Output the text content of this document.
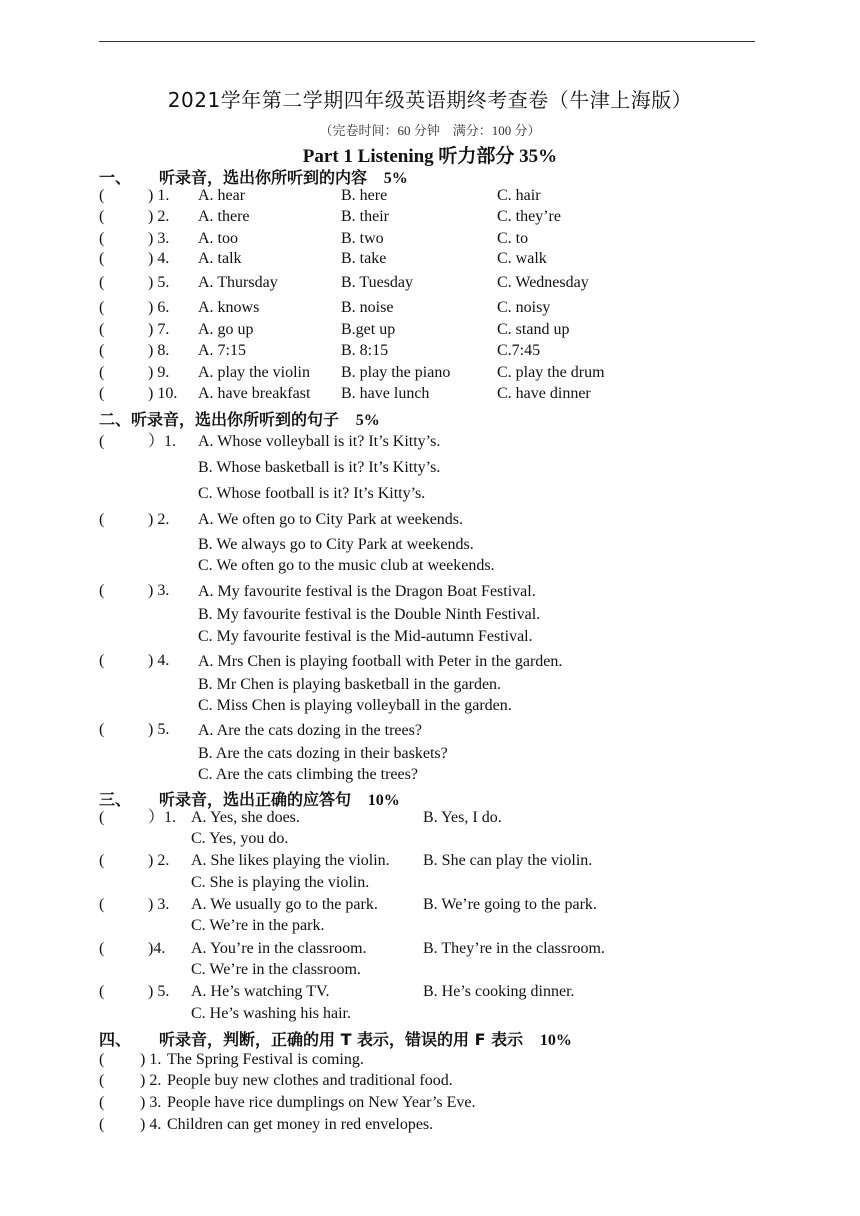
2021学年第二学期四年级英语期终考查卷（牛津上海版）
（完卷时间：60 分钟　满分：100 分）
Part 1 Listening 听力部分 35%
一、 听录音，选出你所听到的内容 5%
(	) 1. A. hear	B. here	C. hair
(	) 2. A. there	B. their	C. they’re
(	) 3. A. too	B. two	C. to
(	) 4. A. talk	B. take	C. walk
(	) 5. A. Thursday	B. Tuesday	C. Wednesday
(	) 6. A. knows	B. noise	C. noisy
(	) 7. A. go up	B.get up	C. stand up
(	) 8. A. 7:15	B. 8:15	C.7:45
(	) 9. A. play the violin B. play the piano	C. play the drum
(	) 10. A. have breakfast B. have lunch	C. have dinner
二、听录音，选出你所听到的句子 5%
(	）1. A. Whose volleyball is it? It’s Kitty’s.
B. Whose basketball is it? It’s Kitty’s.
C. Whose football is it? It’s Kitty’s.
(	) 2. A. We often go to City Park at weekends.
B. We always go to City Park at weekends.
C. We often go to the music club at weekends.
(	) 3. A. My favourite festival is the Dragon Boat Festival.
B. My favourite festival is the Double Ninth Festival.
C. My favourite festival is the Mid-autumn Festival.
(	) 4. A. Mrs Chen is playing football with Peter in the garden.
B. Mr Chen is playing basketball in the garden.
C. Miss Chen is playing volleyball in the garden.
(	) 5. A. Are the cats dozing in the trees?
B. Are the cats dozing in their baskets?
C. Are the cats climbing the trees?
三、 听录音，选出正确的应答句 10%
(	）1. A. Yes, she does.	B. Yes, I do.
C. Yes, you do.
(	) 2. A. She likes playing the violin. B. She can play the violin.
C. She is playing the violin.
(	) 3. A. We usually go to the park.	B. We’re going to the park.
C. We’re in the park.
(	)4. A. You’re in the classroom.	B. They’re in the classroom.
C. We’re in the classroom.
(	) 5. A. He’s watching TV.	B. He’s cooking dinner.
C. He’s washing his hair.
四、 听录音，判断，正确的用 T 表示，错误的用 F 表示 10%
( ) 1. The Spring Festival is coming.
( ) 2. People buy new clothes and traditional food.
( ) 3. People have rice dumplings on New Year’s Eve.
( ) 4. Children can get money in red envelopes.
